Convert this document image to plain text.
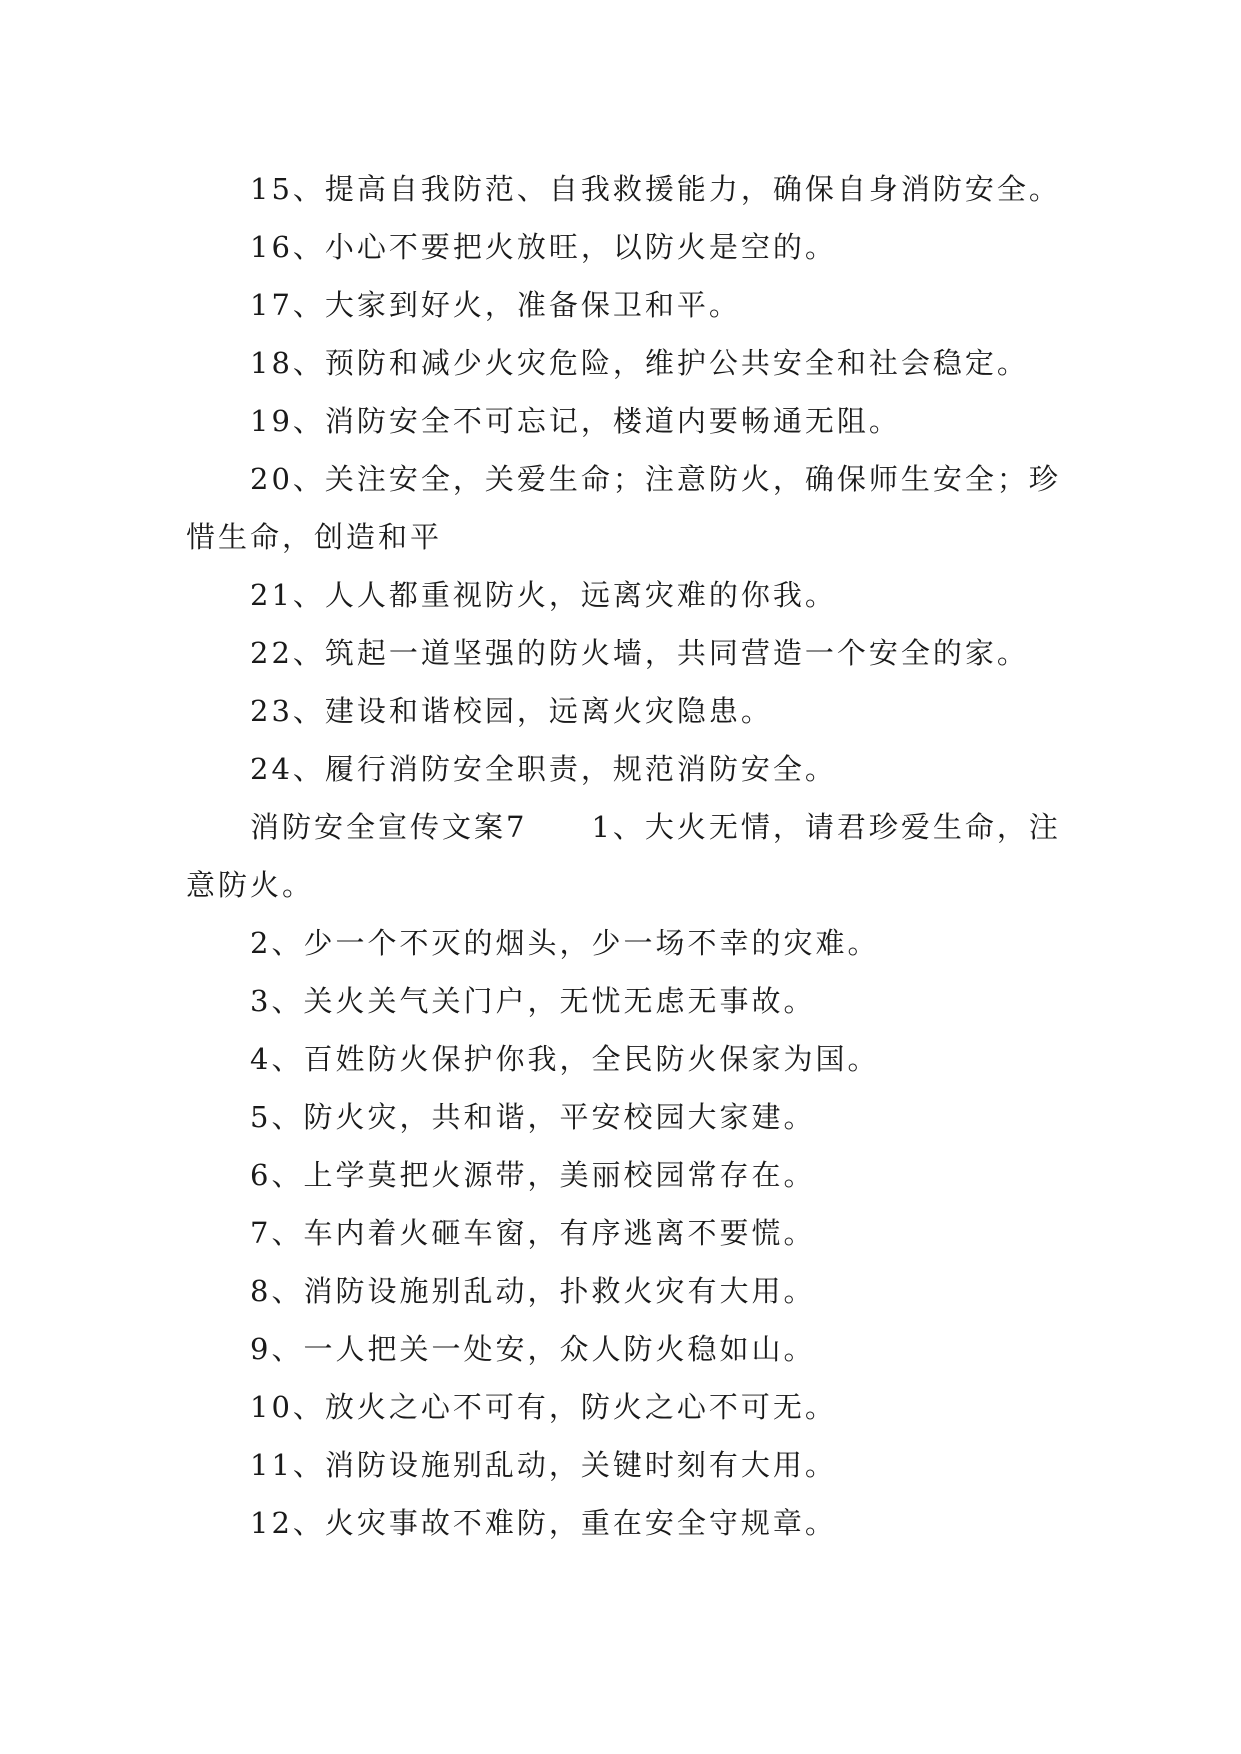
15、提高自我防范、自我救援能力，确保自身消防安全。

16、小心不要把火放旺，以防火是空的。

17、大家到好火，准备保卫和平。

18、预防和减少火灾危险，维护公共安全和社会稳定。

19、消防安全不可忘记，楼道内要畅通无阻。

20、关注安全，关爱生命；注意防火，确保师生安全；珍惜生命，创造和平

21、人人都重视防火，远离灾难的你我。

22、筑起一道坚强的防火墙，共同营造一个安全的家。

23、建设和谐校园，远离火灾隐患。

24、履行消防安全职责，规范消防安全。

消防安全宣传文案7　　1、大火无情，请君珍爱生命，注意防火。

2、少一个不灭的烟头，少一场不幸的灾难。

3、关火关气关门户，无忧无虑无事故。

4、百姓防火保护你我，全民防火保家为国。

5、防火灾，共和谐，平安校园大家建。

6、上学莫把火源带，美丽校园常存在。

7、车内着火砸车窗，有序逃离不要慌。

8、消防设施别乱动，扑救火灾有大用。

9、一人把关一处安，众人防火稳如山。

10、放火之心不可有，防火之心不可无。

11、消防设施别乱动，关键时刻有大用。

12、火灾事故不难防，重在安全守规章。
